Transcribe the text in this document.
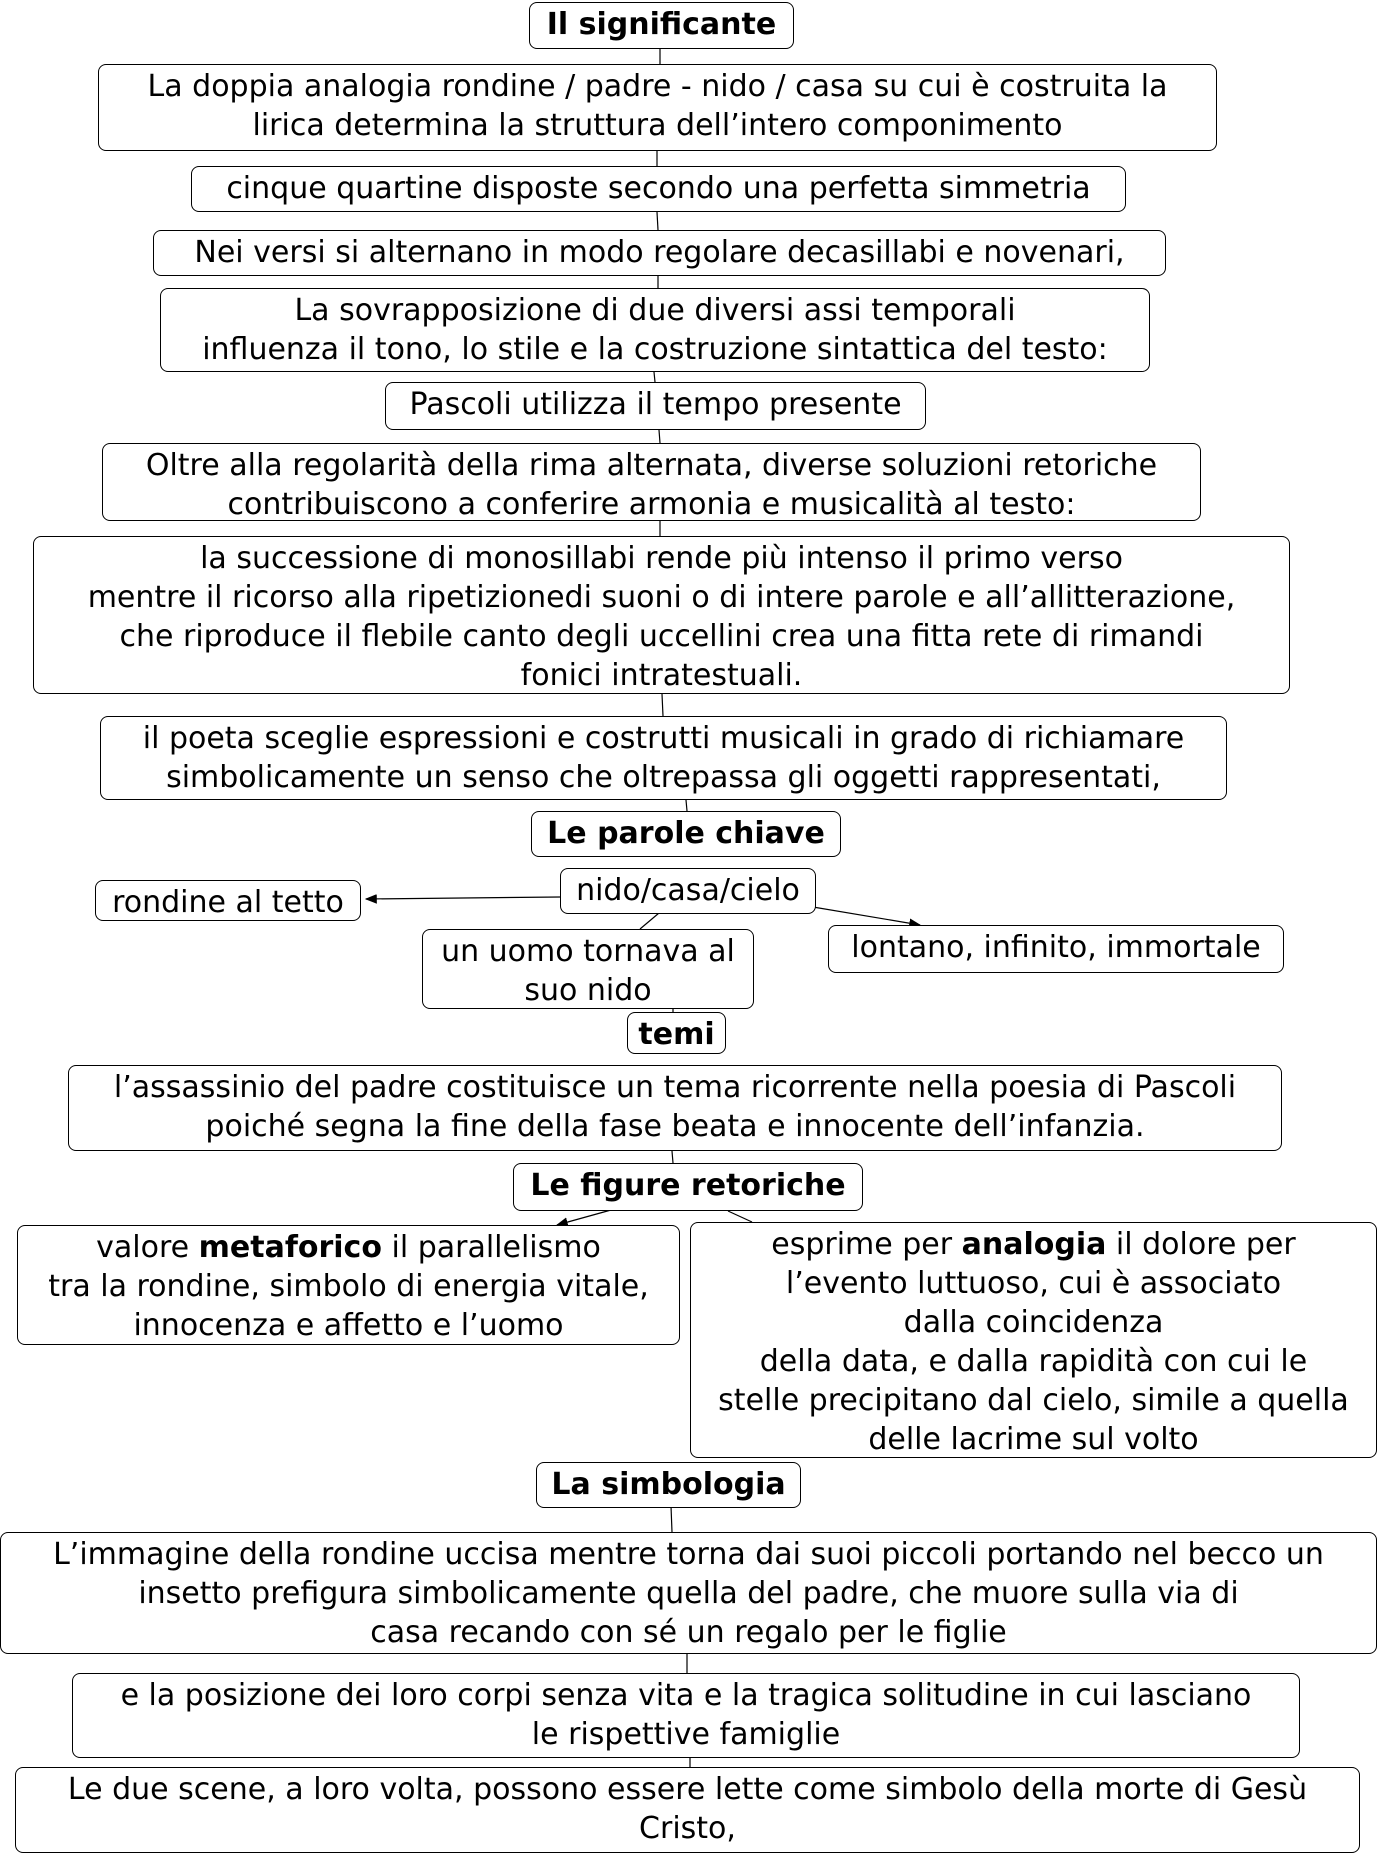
Il significante
La doppia analogia rondine / padre - nido / casa su cui è costruita la
lirica determina la struttura dell’intero componimento
cinque quartine disposte secondo una perfetta simmetria
Nei versi si alternano in modo regolare decasillabi e novenari,
La sovrapposizione di due diversi assi temporali
influenza il tono, lo stile e la costruzione sintattica del testo:
Pascoli utilizza il tempo presente
Oltre alla regolarità della rima alternata, diverse soluzioni retoriche
contribuiscono a conferire armonia e musicalità al testo:
la successione di monosillabi rende più intenso il primo verso
mentre il ricorso alla ripetizionedi suoni o di intere parole e all’allitterazione,
che riproduce il flebile canto degli uccellini crea una fitta rete di rimandi
fonici intratestuali.
il poeta sceglie espressioni e costrutti musicali in grado di richiamare
simbolicamente un senso che oltrepassa gli oggetti rappresentati,
Le parole chiave
nido/casa/cielo
rondine al tetto
un uomo tornava al
suo nido
lontano, infinito, immortale
temi
l’assassinio del padre costituisce un tema ricorrente nella poesia di Pascoli
poiché segna la fine della fase beata e innocente dell’infanzia.
Le figure retoriche
valore metaforico il parallelismo
tra la rondine, simbolo di energia vitale,
innocenza e affetto e l’uomo
esprime per analogia il dolore per
l’evento luttuoso, cui è associato
dalla coincidenza
della data, e dalla rapidità con cui le
stelle precipitano dal cielo, simile a quella
delle lacrime sul volto
La simbologia
L’immagine della rondine uccisa mentre torna dai suoi piccoli portando nel becco un
insetto prefigura simbolicamente quella del padre, che muore sulla via di
casa recando con sé un regalo per le figlie
e la posizione dei loro corpi senza vita e la tragica solitudine in cui lasciano
le rispettive famiglie
Le due scene, a loro volta, possono essere lette come simbolo della morte di Gesù
Cristo,
